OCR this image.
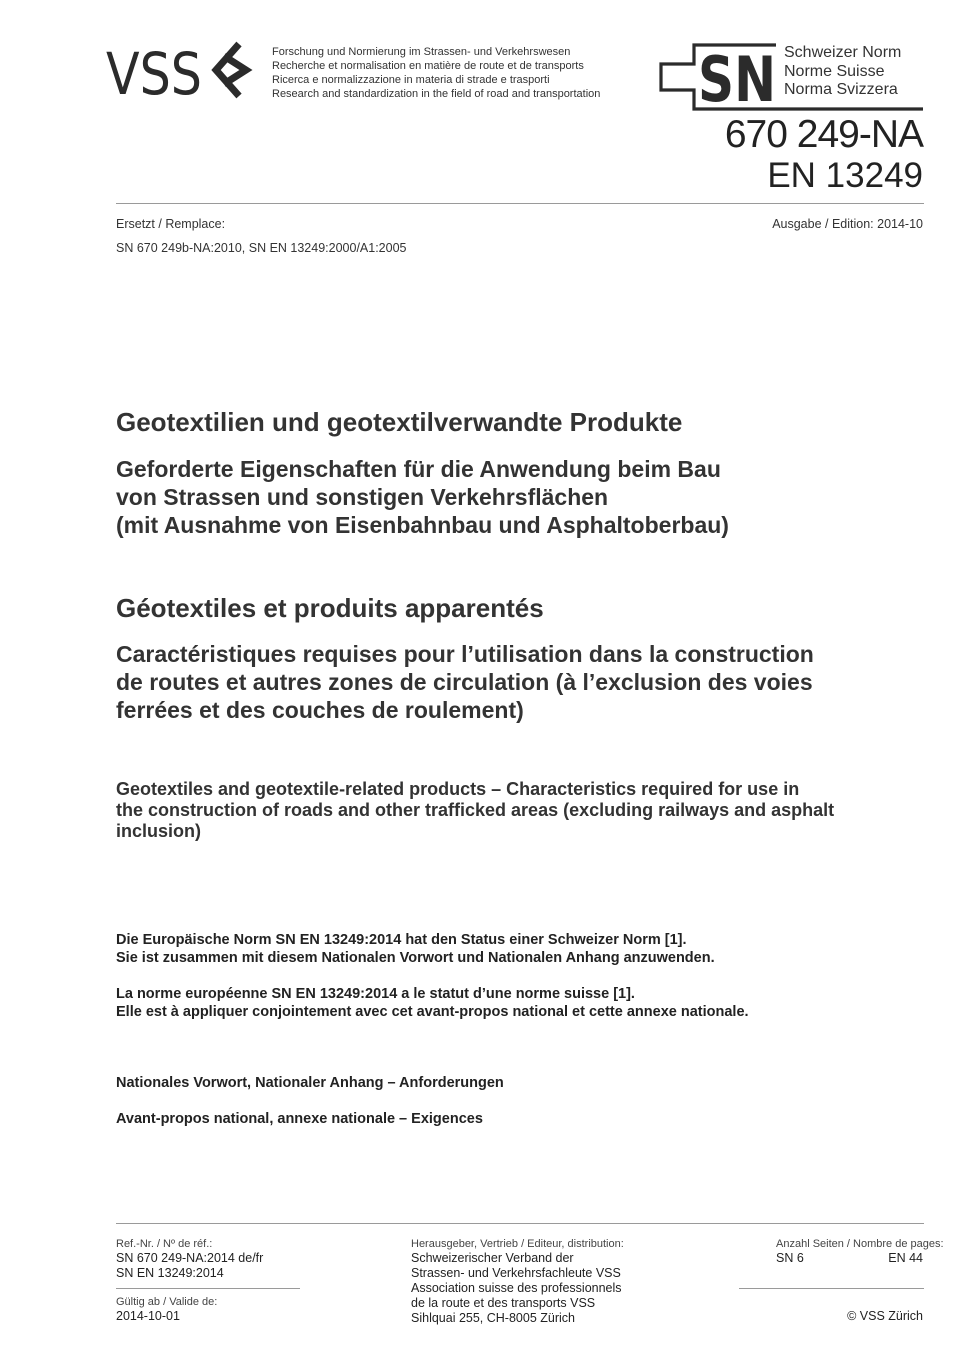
VSS	Forschung und Normierung im Strassen- und Verkehrswesen
Recherche et normalisation en matière de route et de transports
Ricerca e normalizzazione in materia di strade e trasporti
Research and standardization in the field of road and transportation SN Schweizer Norm
Norme Suisse
Norma Svizzera
670 249-NA
EN 13249
Ersetzt / Remplace:	Ausgabe / Edition: 2014-10
SN 670 249b-NA:2010, SN EN 13249:2000/A1:2005
Geotextilien und geotextilverwandte Produkte
Geforderte Eigenschaften für die Anwendung beim Bau
von Strassen und sonstigen Verkehrsflächen
(mit Ausnahme von Eisenbahnbau und Asphaltoberbau)
Géotextiles et produits apparentés
Caractéristiques requises pour l’utilisation dans la construction
de routes et autres zones de circulation (à l’exclusion des voies
ferrées et des couches de roulement)
Geotextiles and geotextile-related products – Characteristics required for use in
the construction of roads and other trafficked areas (excluding railways and asphalt
inclusion)
Die Europäische Norm SN EN 13249:2014 hat den Status einer Schweizer Norm [1].
Sie ist zusammen mit diesem Nationalen Vorwort und Nationalen Anhang anzuwenden.
La norme européenne SN EN 13249:2014 a le statut d’une norme suisse [1].
Elle est à appliquer conjointement avec cet avant-propos national et cette annexe nationale.
Nationales Vorwort, Nationaler Anhang – Anforderungen
Avant-propos national, annexe nationale – Exigences
Ref.-Nr. / Nº de réf.:
SN 670 249-NA:2014 de/fr
SN EN 13249:2014
Gültig ab / Valide de:
2014-10-01
Herausgeber, Vertrieb / Editeur, distribution:
Schweizerischer Verband der
Strassen- und Verkehrsfachleute VSS
Association suisse des professionnels
de la route et des transports VSS
Sihlquai 255, CH-8005 Zürich
Anzahl Seiten / Nombre de pages:
SN 6	EN 44
© VSS Zürich
